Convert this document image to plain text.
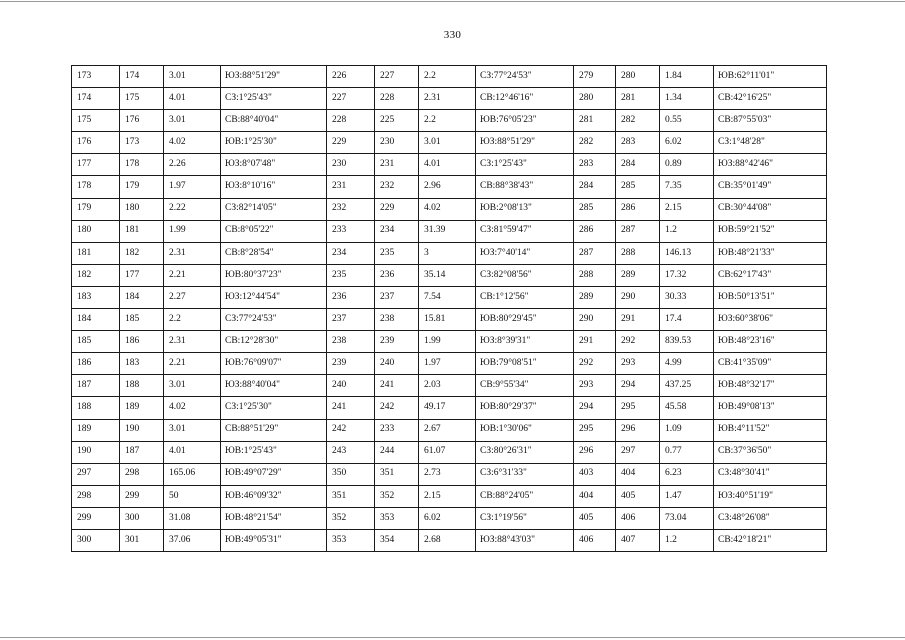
330
173	174	3.01	ЮЗ:88°51'29"	226	227	2.2	СЗ:77°24'53"	279	280	1.84	ЮВ:62°11'01"
174	175	4.01	СЗ:1°25'43"	227	228	2.31	СВ:12°46'16"	280	281	1.34	СВ:42°16'25"
175	176	3.01	СВ:88°40'04"	228	225	2.2	ЮВ:76°05'23"	281	282	0.55	СВ:87°55'03"
176	173	4.02	ЮВ:1°25'30"	229	230	3.01	ЮЗ:88°51'29"	282	283	6.02	СЗ:1°48'28"
177	178	2.26	ЮЗ:8°07'48"	230	231	4.01	СЗ:1°25'43"	283	284	0.89	ЮЗ:88°42'46"
178	179	1.97	ЮЗ:8°10'16"	231	232	2.96	СВ:88°38'43"	284	285	7.35	СВ:35°01'49"
179	180	2.22	СЗ:82°14'05"	232	229	4.02	ЮВ:2°08'13"	285	286	2.15	СВ:30°44'08"
180	181	1.99	СВ:8°05'22"	233	234	31.39	СЗ:81°59'47"	286	287	1.2	ЮВ:59°21'52"
181	182	2.31	СВ:8°28'54"	234	235	3	ЮЗ:7°40'14"	287	288	146.13	ЮВ:48°21'33"
182	177	2.21	ЮВ:80°37'23"	235	236	35.14	СЗ:82°08'56"	288	289	17.32	СВ:62°17'43"
183	184	2.27	ЮЗ:12°44'54"	236	237	7.54	СВ:1°12'56"	289	290	30.33	ЮВ:50°13'51"
184	185	2.2	СЗ:77°24'53"	237	238	15.81	ЮВ:80°29'45"	290	291	17.4	ЮЗ:60°38'06"
185	186	2.31	СВ:12°28'30"	238	239	1.99	ЮЗ:8°39'31"	291	292	839.53	ЮВ:48°23'16"
186	183	2.21	ЮВ:76°09'07"	239	240	1.97	ЮВ:79°08'51"	292	293	4.99	СВ:41°35'09"
187	188	3.01	ЮЗ:88°40'04"	240	241	2.03	СВ:9°55'34"	293	294	437.25	ЮВ:48°32'17"
188	189	4.02	СЗ:1°25'30"	241	242	49.17	ЮВ:80°29'37"	294	295	45.58	ЮВ:49°08'13"
189	190	3.01	СВ:88°51'29"	242	233	2.67	ЮВ:1°30'06"	295	296	1.09	ЮВ:4°11'52"
190	187	4.01	ЮВ:1°25'43"	243	244	61.07	СЗ:80°26'31"	296	297	0.77	СВ:37°36'50"
297	298	165.06	ЮВ:49°07'29"	350	351	2.73	СЗ:6°31'33"	403	404	6.23	СЗ:48°30'41"
298	299	50	ЮВ:46°09'32"	351	352	2.15	СВ:88°24'05"	404	405	1.47	ЮЗ:40°51'19"
299	300	31.08	ЮВ:48°21'54"	352	353	6.02	СЗ:1°19'56"	405	406	73.04	СЗ:48°26'08"
300	301	37.06	ЮВ:49°05'31"	353	354	2.68	ЮЗ:88°43'03"	406	407	1.2	СВ:42°18'21"
